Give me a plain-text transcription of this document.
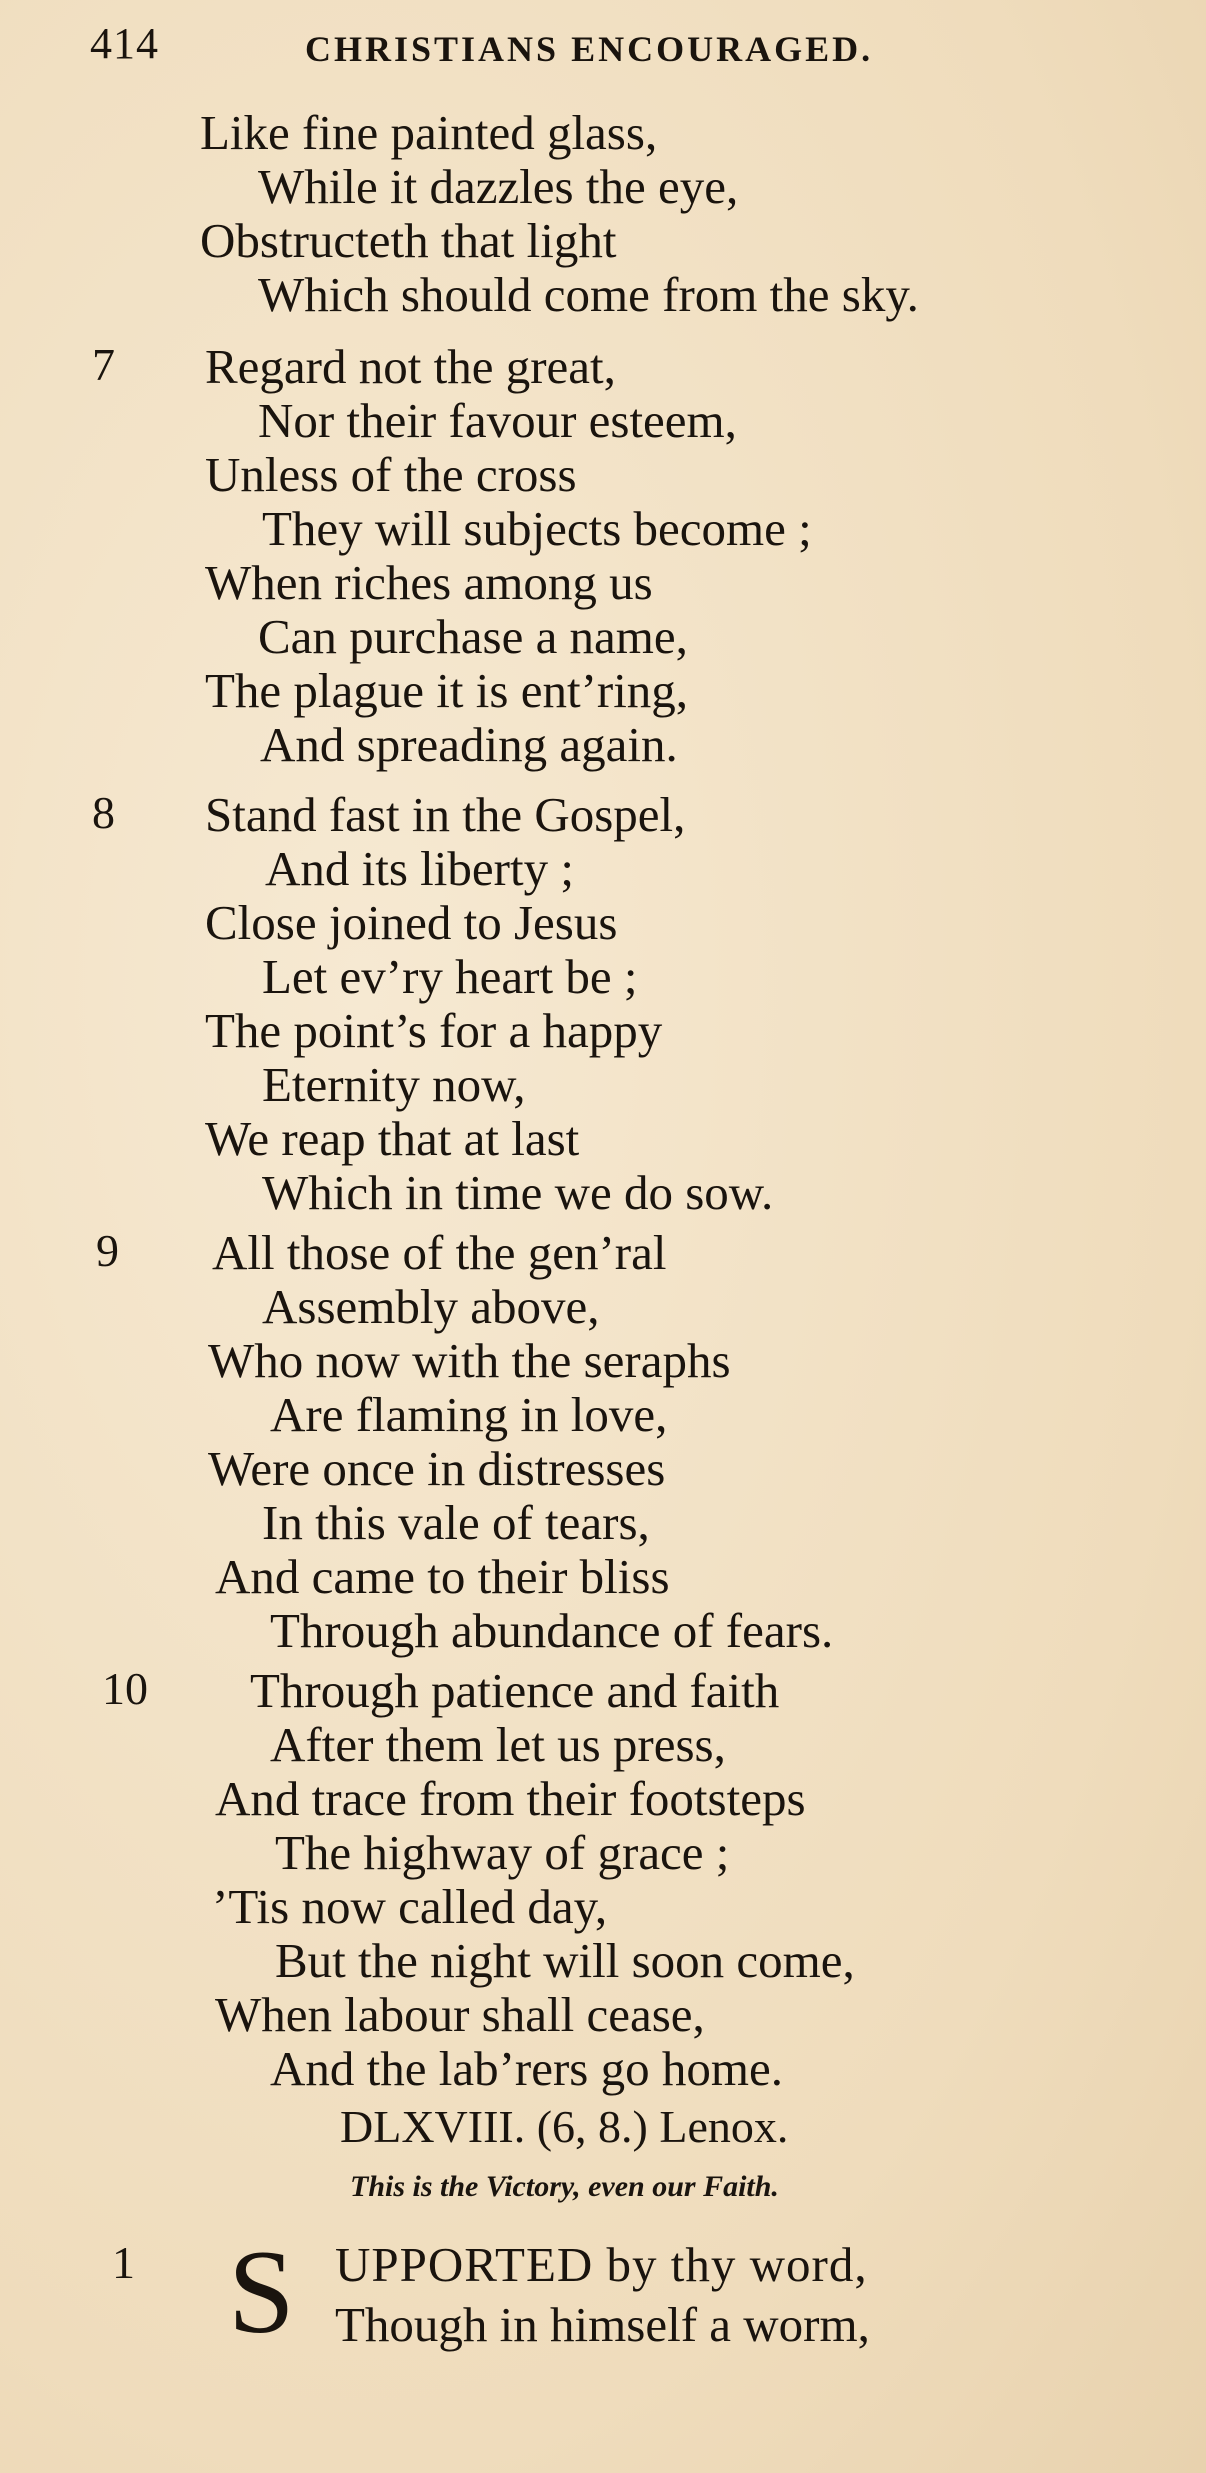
414	CHRISTIANS ENCOURAGED.
Like fine painted glass,
While it dazzles the eye,
Obstructeth that light
Which should come from the sky.
7 Regard not the great,
Nor their favour esteem,
Unless of the cross
They will subjects become ;
When riches among us
Can purchase a name,
The plague it is ent’ring,
And spreading again.
8 Stand fast in the Gospel,
And its liberty ;
Close joined to Jesus
Let ev’ry heart be ;
The point’s for a happy
Eternity now,
We reap that at last
Which in time we do sow.
9 All those of the gen’ral
Assembly above,
Who now with the seraphs
Are flaming in love,
Were once in distresses
In this vale of tears,
And came to their bliss
Through abundance of fears.
10 Through patience and faith
After them let us press,
And trace from their footsteps
The highway of grace ;
’Tis now called day,
But the night will soon come,
When labour shall cease,
And the lab’rers go home.
DLXVIII. (6, 8.) Lenox.
This is the Victory, even our Faith.
1 S UPPORTED by thy word,
Though in himself a worm,
